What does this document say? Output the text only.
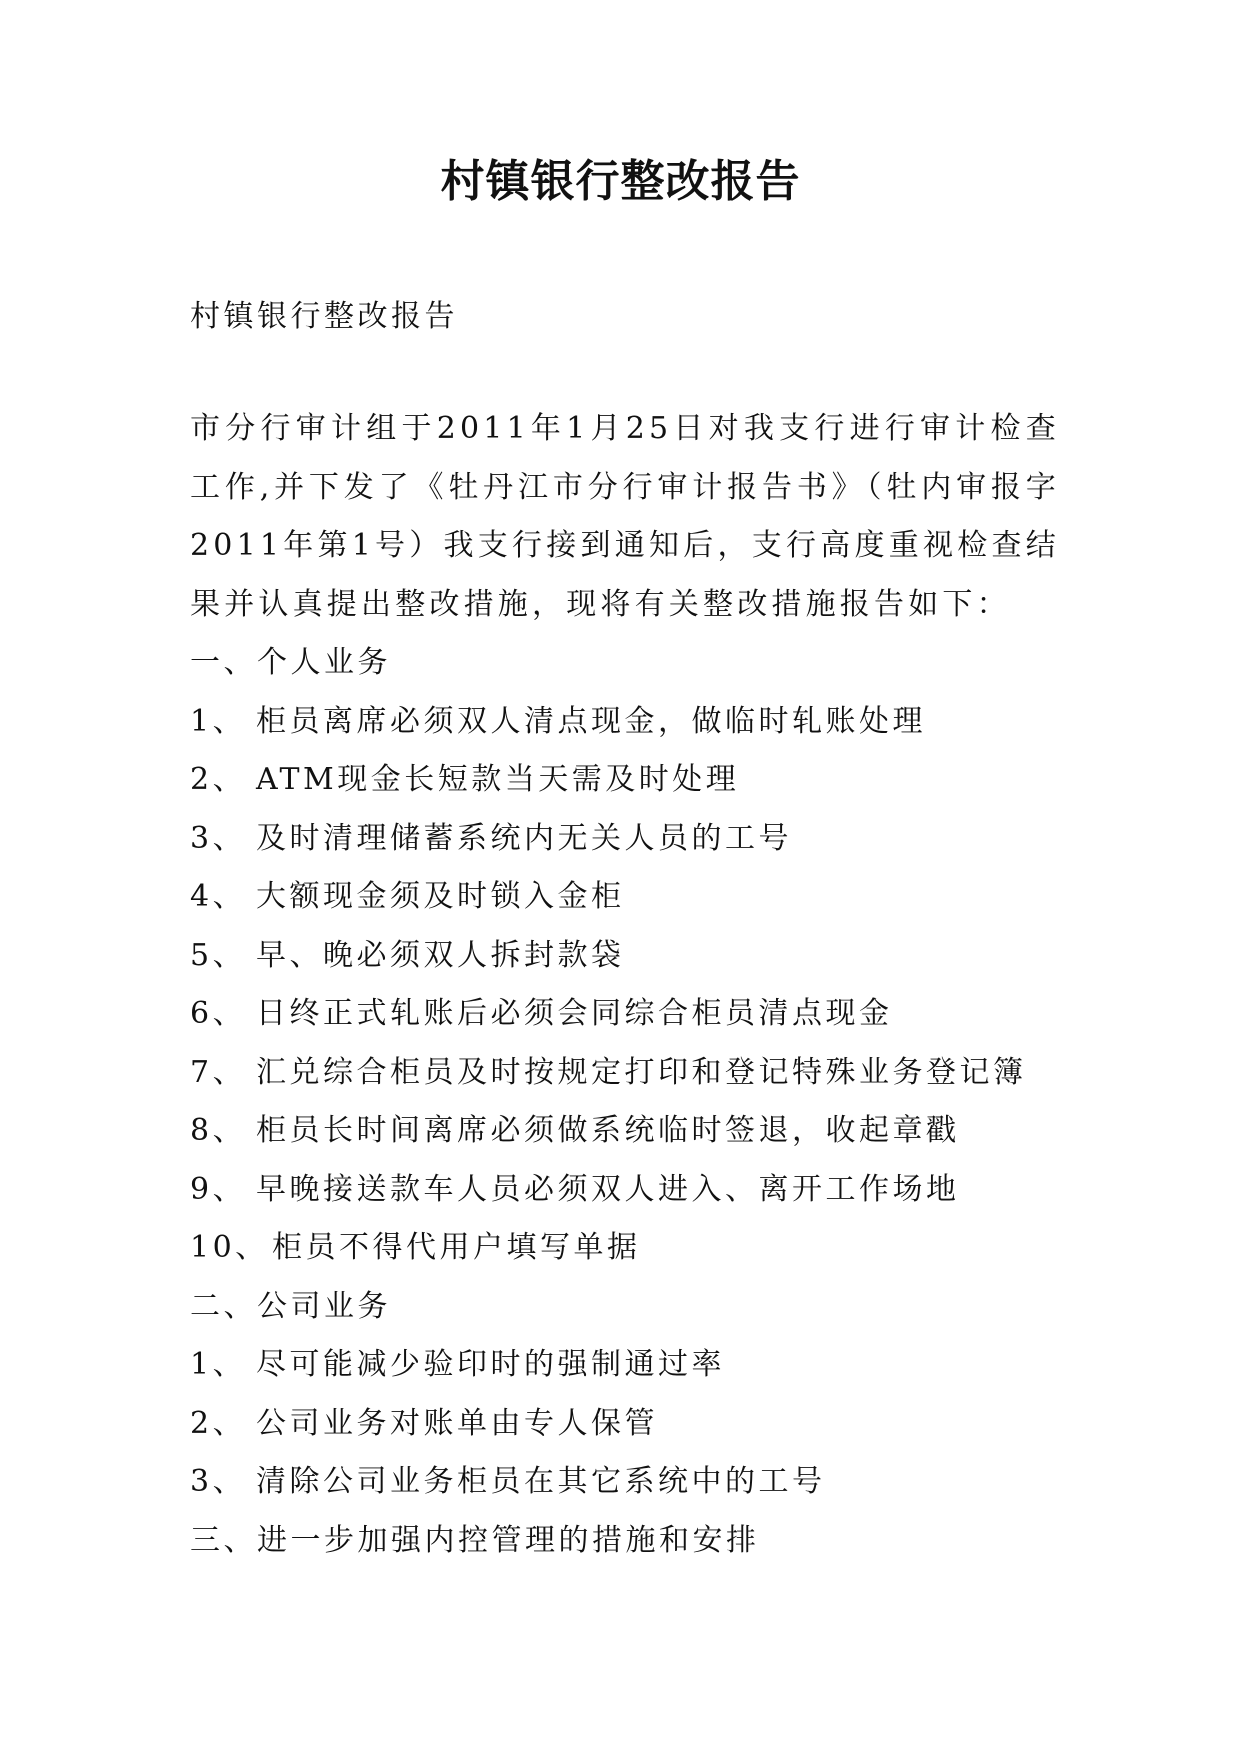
村镇银行整改报告
村镇银行整改报告

市分行审计组于2011年1月25日对我支行进行审计检查工作,并下发了《牡丹江市分行审计报告书》（牡内审报字2011年第1号）我支行接到通知后，支行高度重视检查结果并认真提出整改措施，现将有关整改措施报告如下：

一、个人业务

1、 柜员离席必须双人清点现金，做临时轧账处理

2、 ATM现金长短款当天需及时处理

3、 及时清理储蓄系统内无关人员的工号

4、 大额现金须及时锁入金柜

5、 早、晚必须双人拆封款袋

6、 日终正式轧账后必须会同综合柜员清点现金

7、 汇兑综合柜员及时按规定打印和登记特殊业务登记簿

8、 柜员长时间离席必须做系统临时签退，收起章戳

9、 早晚接送款车人员必须双人进入、离开工作场地

10、 柜员不得代用户填写单据

二、公司业务

1、 尽可能减少验印时的强制通过率

2、 公司业务对账单由专人保管

3、 清除公司业务柜员在其它系统中的工号

三、进一步加强内控管理的措施和安排
